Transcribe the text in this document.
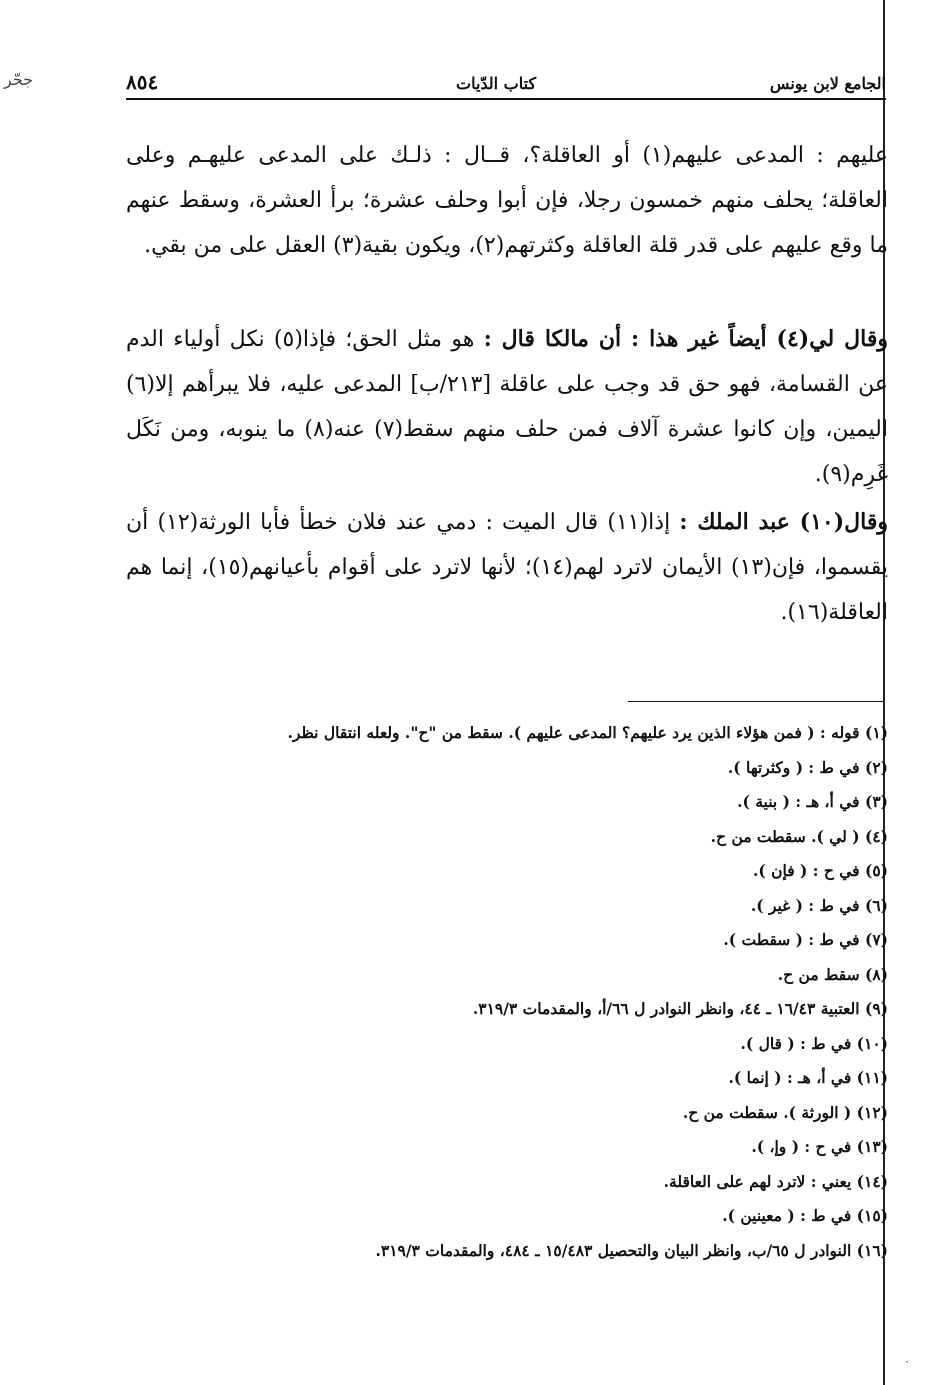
جحّر	الجامع لابن يونس
كتاب الدّيات
٨٥٤
عليهم : المدعى عليهم(١) أو العاقلة؟، قــال : ذلـك على المدعى عليهـم وعلى العاقلة؛ يحلف منهم خمسون رجلا، فإن أبوا وحلف عشرة؛ برأ العشرة، وسقط عنهم ما وقع عليهم على قدر قلة العاقلة وكثرتهم(٢)، ويكون بقية(٣) العقل على من بقي.
وقال لي(٤) أيضاً غير هذا : أن مالكا قال : هو مثل الحق؛ فإذا(٥) نكل أولياء الدم عن القسامة، فهو حق قد وجب على عاقلة [٢١٣/ب] المدعى عليه، فلا يبرأهم إلا(٦) اليمين، وإن كانوا عشرة آلاف فمن حلف منهم سقط(٧) عنه(٨) ما ينوبه، ومن نَكَل غَرِم(٩).
وقال(١٠) عبد الملك : إذا(١١) قال الميت : دمي عند فلان خطأ فأبا الورثة(١٢) أن يقسموا، فإن(١٣) الأيمان لاترد لهم(١٤)؛ لأنها لاترد على أقوام بأعيانهم(١٥)، إنما هم العاقلة(١٦).
(١) قوله : ( فمن هؤلاء الذين يرد عليهم؟ المدعى عليهم ). سقط من "ح". ولعله انتقال نظر.
(٢) في ط : ( وكثرتها ).
(٣) في أ، هـ : ( بنية ).
(٤) ( لي ). سقطت من ح.
(٥) في ح : ( فإن ).
(٦) في ط : ( غير ).
(٧) في ط : ( سقطت ).
(٨) سقط من ح.
(٩) العتبية ١٦/٤٣ ـ ٤٤، وانظر النوادر ل ٦٦/أ، والمقدمات ٣١٩/٣.
(١٠) في ط : ( قال ).
(١١) في أ، هـ : ( إنما ).
(١٢) ( الورثة ). سقطت من ح.
(١٣) في ح : ( وإ، ).
(١٤) يعني : لاترد لهم على العاقلة.
(١٥) في ط : ( معينين ).
(١٦) النوادر ل ٦٥/ب، وانظر البيان والتحصيل ١٥/٤٨٣ ـ ٤٨٤، والمقدمات ٣١٩/٣.
·
